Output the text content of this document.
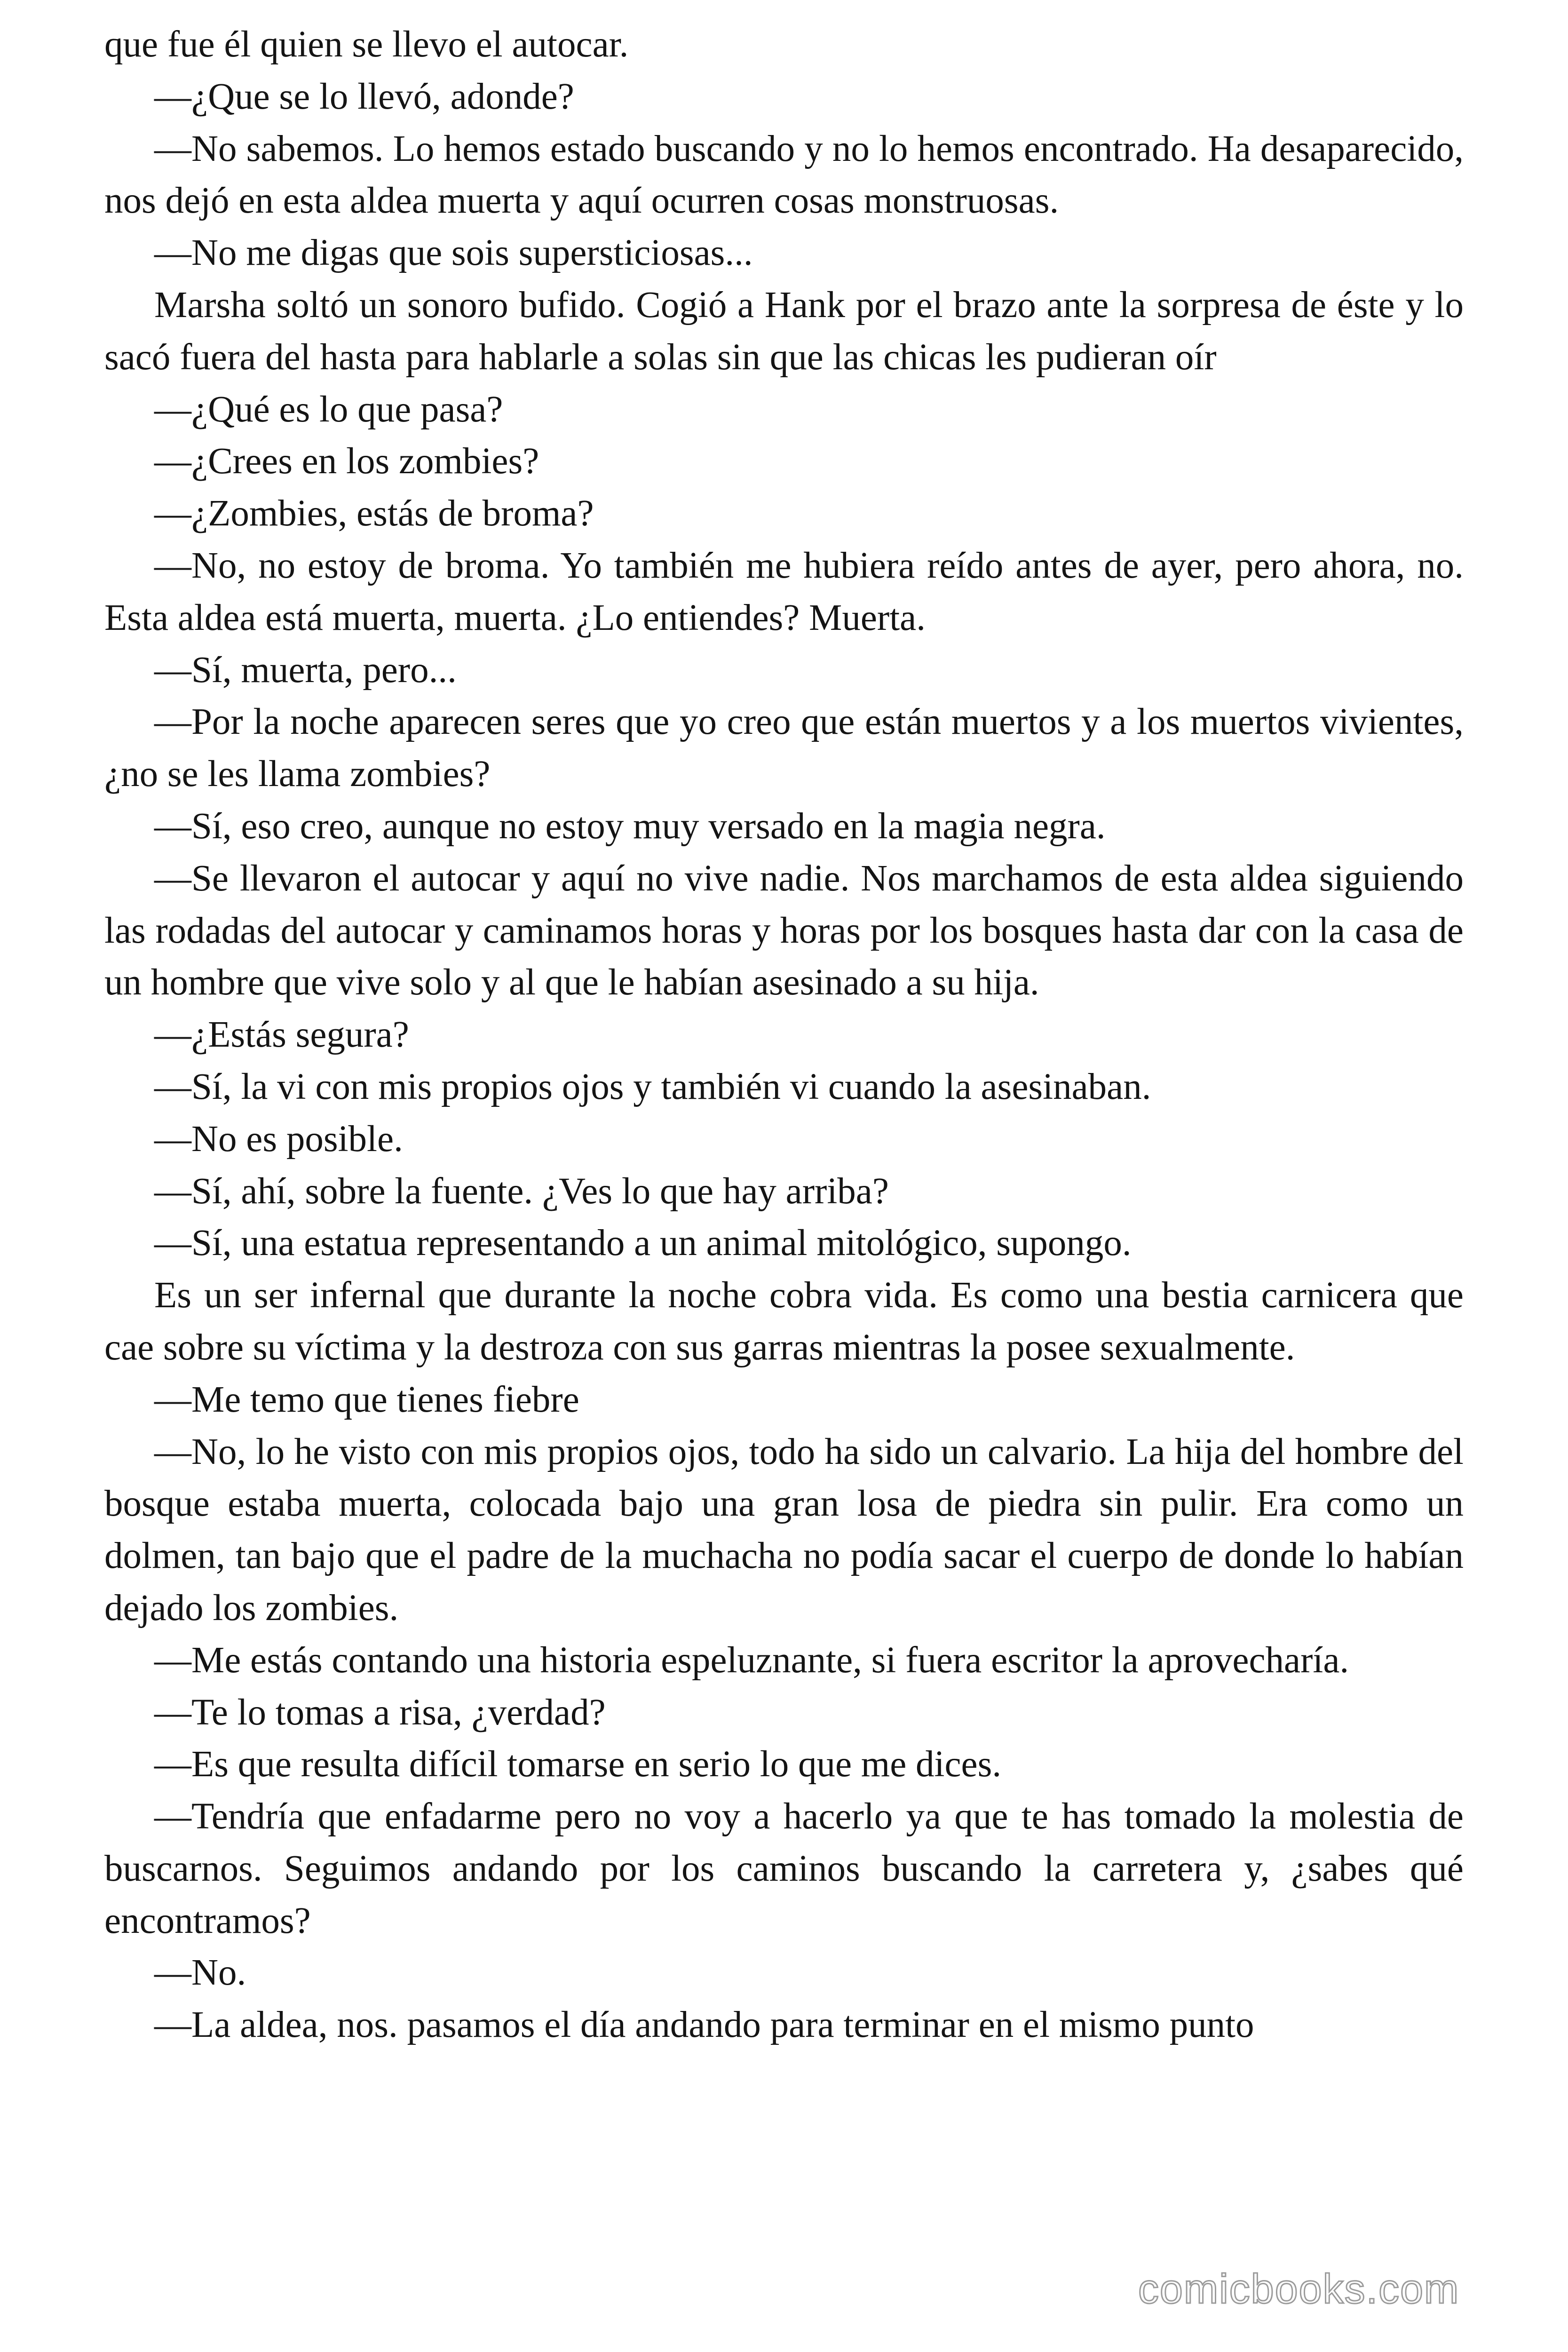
que fue él quien se llevo el autocar.

—¿Que se lo llevó, adonde?

—No sabemos. Lo hemos estado buscando y no lo hemos encontrado. Ha desaparecido, nos dejó en esta aldea muerta y aquí ocurren cosas monstruosas.

—No me digas que sois supersticiosas...

Marsha soltó un sonoro bufido. Cogió a Hank por el brazo ante la sorpresa de éste y lo sacó fuera del hasta para hablarle a solas sin que las chicas les pudieran oír

—¿Qué es lo que pasa?

—¿Crees en los zombies?

—¿Zombies, estás de broma?

—No, no estoy de broma. Yo también me hubiera reído antes de ayer, pero ahora, no. Esta aldea está muerta, muerta. ¿Lo entiendes? Muerta.

—Sí, muerta, pero...

—Por la noche aparecen seres que yo creo que están muertos y a los muertos vivientes, ¿no se les llama zombies?

—Sí, eso creo, aunque no estoy muy versado en la magia negra.

—Se llevaron el autocar y aquí no vive nadie. Nos marchamos de esta aldea siguiendo las rodadas del autocar y caminamos horas y horas por los bosques hasta dar con la casa de un hombre que vive solo y al que le habían asesinado a su hija.

—¿Estás segura?

—Sí, la vi con mis propios ojos y también vi cuando la asesinaban.

—No es posible.

—Sí, ahí, sobre la fuente. ¿Ves lo que hay arriba?

—Sí, una estatua representando a un animal mitológico, supongo.

Es un ser infernal que durante la noche cobra vida. Es como una bestia carnicera que cae sobre su víctima y la destroza con sus garras mientras la posee sexualmente.

—Me temo que tienes fiebre

—No, lo he visto con mis propios ojos, todo ha sido un calvario. La hija del hombre del bosque estaba muerta, colocada bajo una gran losa de piedra sin pulir. Era como un dolmen, tan bajo que el padre de la muchacha no podía sacar el cuerpo de donde lo habían dejado los zombies.

—Me estás contando una historia espeluznante, si fuera escritor la aprovecharía.

—Te lo tomas a risa, ¿verdad?

—Es que resulta difícil tomarse en serio lo que me dices.

—Tendría que enfadarme pero no voy a hacerlo ya que te has tomado la molestia de buscarnos. Seguimos andando por los caminos buscando la carretera y, ¿sabes qué encontramos?

—No.

—La aldea, nos. pasamos el día andando para terminar en el mismo punto

comicbooks.com
